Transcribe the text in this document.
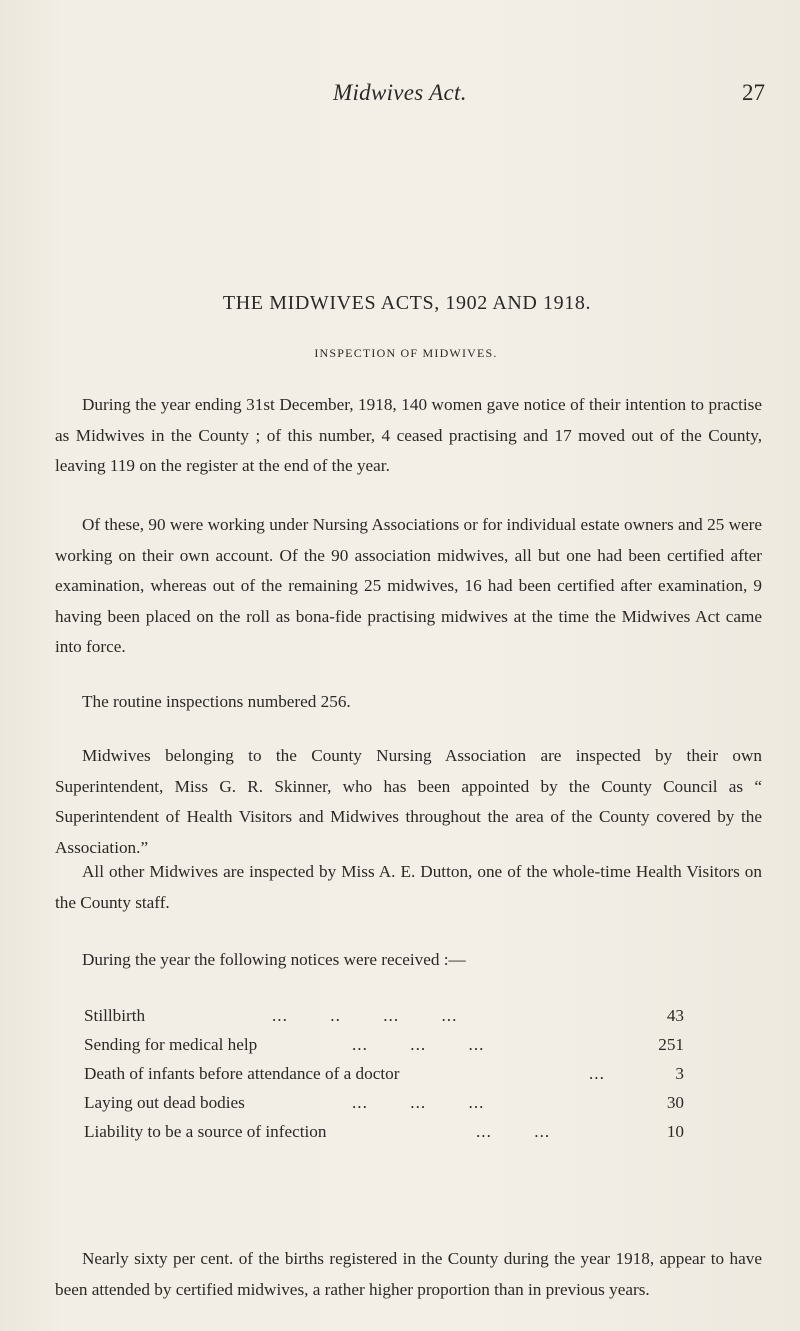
Midwives Act.	27
THE MIDWIVES ACTS, 1902 AND 1918.
INSPECTION OF MIDWIVES.

During the year ending 31st December, 1918, 140 women gave notice of their intention to practise as Midwives in the County ; of this number, 4 ceased practising and 17 moved out of the County, leaving 119 on the register at the end of the year.

Of these, 90 were working under Nursing Associations or for individual estate owners and 25 were working on their own account. Of the 90 association midwives, all but one had been certified after examination, whereas out of the remaining 25 midwives, 16 had been certified after examination, 9 having been placed on the roll as bona-fide practising midwives at the time the Midwives Act came into force.

The routine inspections numbered 256.

Midwives belonging to the County Nursing Association are inspected by their own Superintendent, Miss G. R. Skinner, who has been appointed by the County Council as “ Superintendent of Health Visitors and Midwives throughout the area of the County covered by the Association.”

All other Midwives are inspected by Miss A. E. Dutton, one of the whole-time Health Visitors on the County staff.

During the year the following notices were received :—

Stillbirth	...        ..        ...        ...	43
Sending for medical help	...        ...        ...	251
Death of infants before attendance of a doctor	...	3
Laying out dead bodies	...        ...        ...	30
Liability to be a source of infection	...        ...	10

Nearly sixty per cent. of the births registered in the County during the year 1918, appear to have been attended by certified midwives, a rather higher proportion than in previous years.
